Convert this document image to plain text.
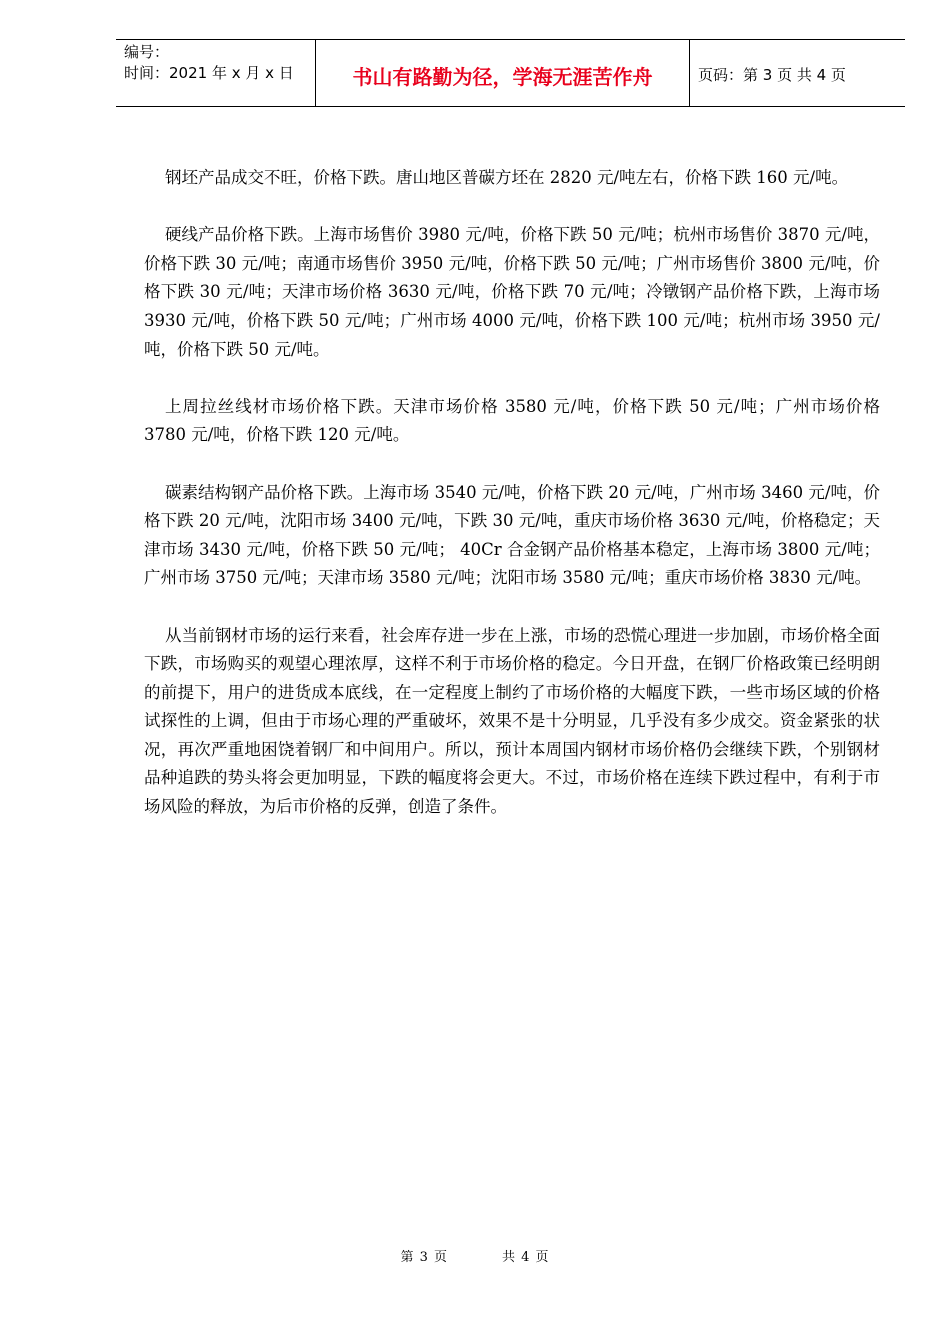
编号：
时间：2021 年 x 月 x 日	书山有路勤为径，学海无涯苦作舟	页码：第 3 页 共 4 页

钢坯产品成交不旺，价格下跌。唐山地区普碳方坯在 2820 元/吨左右，价格下跌 160 元/吨。

硬线产品价格下跌。上海市场售价 3980 元/吨，价格下跌 50 元/吨；杭州市场售价 3870 元/吨，价格下跌 30 元/吨；南通市场售价 3950 元/吨，价格下跌 50 元/吨；广州市场售价 3800 元/吨，价格下跌 30 元/吨；天津市场价格 3630 元/吨，价格下跌 70 元/吨；冷镦钢产品价格下跌，上海市场 3930 元/吨，价格下跌 50 元/吨；广州市场 4000 元/吨，价格下跌 100 元/吨；杭州市场 3950 元/吨，价格下跌 50 元/吨。

上周拉丝线材市场价格下跌。天津市场价格 3580 元/吨，价格下跌 50 元/吨；广州市场价格 3780 元/吨，价格下跌 120 元/吨。

碳素结构钢产品价格下跌。上海市场 3540 元/吨，价格下跌 20 元/吨，广州市场 3460 元/吨，价格下跌 20 元/吨，沈阳市场 3400 元/吨，下跌 30 元/吨，重庆市场价格 3630 元/吨，价格稳定；天津市场 3430 元/吨，价格下跌 50 元/吨； 40Cr 合金钢产品价格基本稳定，上海市场 3800 元/吨；广州市场 3750 元/吨；天津市场 3580 元/吨；沈阳市场 3580 元/吨；重庆市场价格 3830 元/吨。

从当前钢材市场的运行来看，社会库存进一步在上涨，市场的恐慌心理进一步加剧，市场价格全面下跌，市场购买的观望心理浓厚，这样不利于市场价格的稳定。今日开盘，在钢厂价格政策已经明朗的前提下，用户的进货成本底线，在一定程度上制约了市场价格的大幅度下跌，一些市场区域的价格试探性的上调，但由于市场心理的严重破坏，效果不是十分明显，几乎没有多少成交。资金紧张的状况，再次严重地困饶着钢厂和中间用户。所以，预计本周国内钢材市场价格仍会继续下跌，个别钢材品种追跌的势头将会更加明显，下跌的幅度将会更大。不过，市场价格在连续下跌过程中，有利于市场风险的释放，为后市价格的反弹，创造了条件。

第 3 页	共 4 页
